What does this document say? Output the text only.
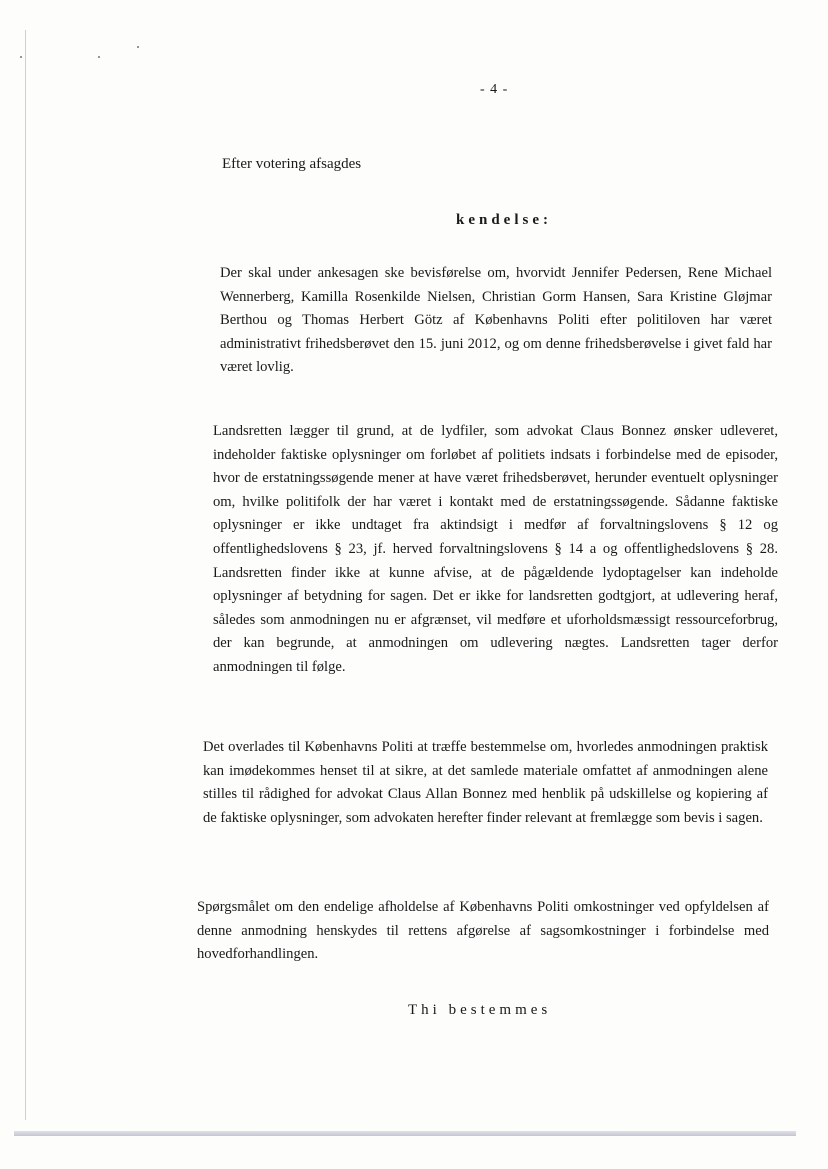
- 4 -
Efter votering afsagdes
kendelse:
Der skal under ankesagen ske bevisførelse om, hvorvidt Jennifer Pedersen, Rene Michael Wennerberg, Kamilla Rosenkilde Nielsen, Christian Gorm Hansen, Sara Kristine Gløjmar Berthou og Thomas Herbert Götz af Københavns Politi efter politiloven har været administrativt frihedsberøvet den 15. juni 2012, og om denne frihedsberøvelse i givet fald har været lovlig.
Landsretten lægger til grund, at de lydfiler, som advokat Claus Bonnez ønsker udleveret, indeholder faktiske oplysninger om forløbet af politiets indsats i forbindelse med de episoder, hvor de erstatningssøgende mener at have været frihedsberøvet, herunder eventuelt oplysninger om, hvilke politifolk der har været i kontakt med de erstatningssøgende. Sådanne faktiske oplysninger er ikke undtaget fra aktindsigt i medfør af forvaltningslovens § 12 og offentlighedslovens § 23, jf. herved forvaltningslovens § 14 a og offentlighedslovens § 28. Landsretten finder ikke at kunne afvise, at de pågældende lydoptagelser kan indeholde oplysninger af betydning for sagen. Det er ikke for landsretten godtgjort, at udlevering heraf, således som anmodningen nu er afgrænset, vil medføre et uforholdsmæssigt ressourceforbrug, der kan begrunde, at anmodningen om udlevering nægtes. Landsretten tager derfor anmodningen til følge.
Det overlades til Københavns Politi at træffe bestemmelse om, hvorledes anmodningen praktisk kan imødekommes henset til at sikre, at det samlede materiale omfattet af anmodningen alene stilles til rådighed for advokat Claus Allan Bonnez med henblik på udskillelse og kopiering af de faktiske oplysninger, som advokaten herefter finder relevant at fremlægge som bevis i sagen.
Spørgsmålet om den endelige afholdelse af Københavns Politi omkostninger ved opfyldelsen af denne anmodning henskydes til rettens afgørelse af sagsomkostninger i forbindelse med hovedforhandlingen.
Thi bestemmes
